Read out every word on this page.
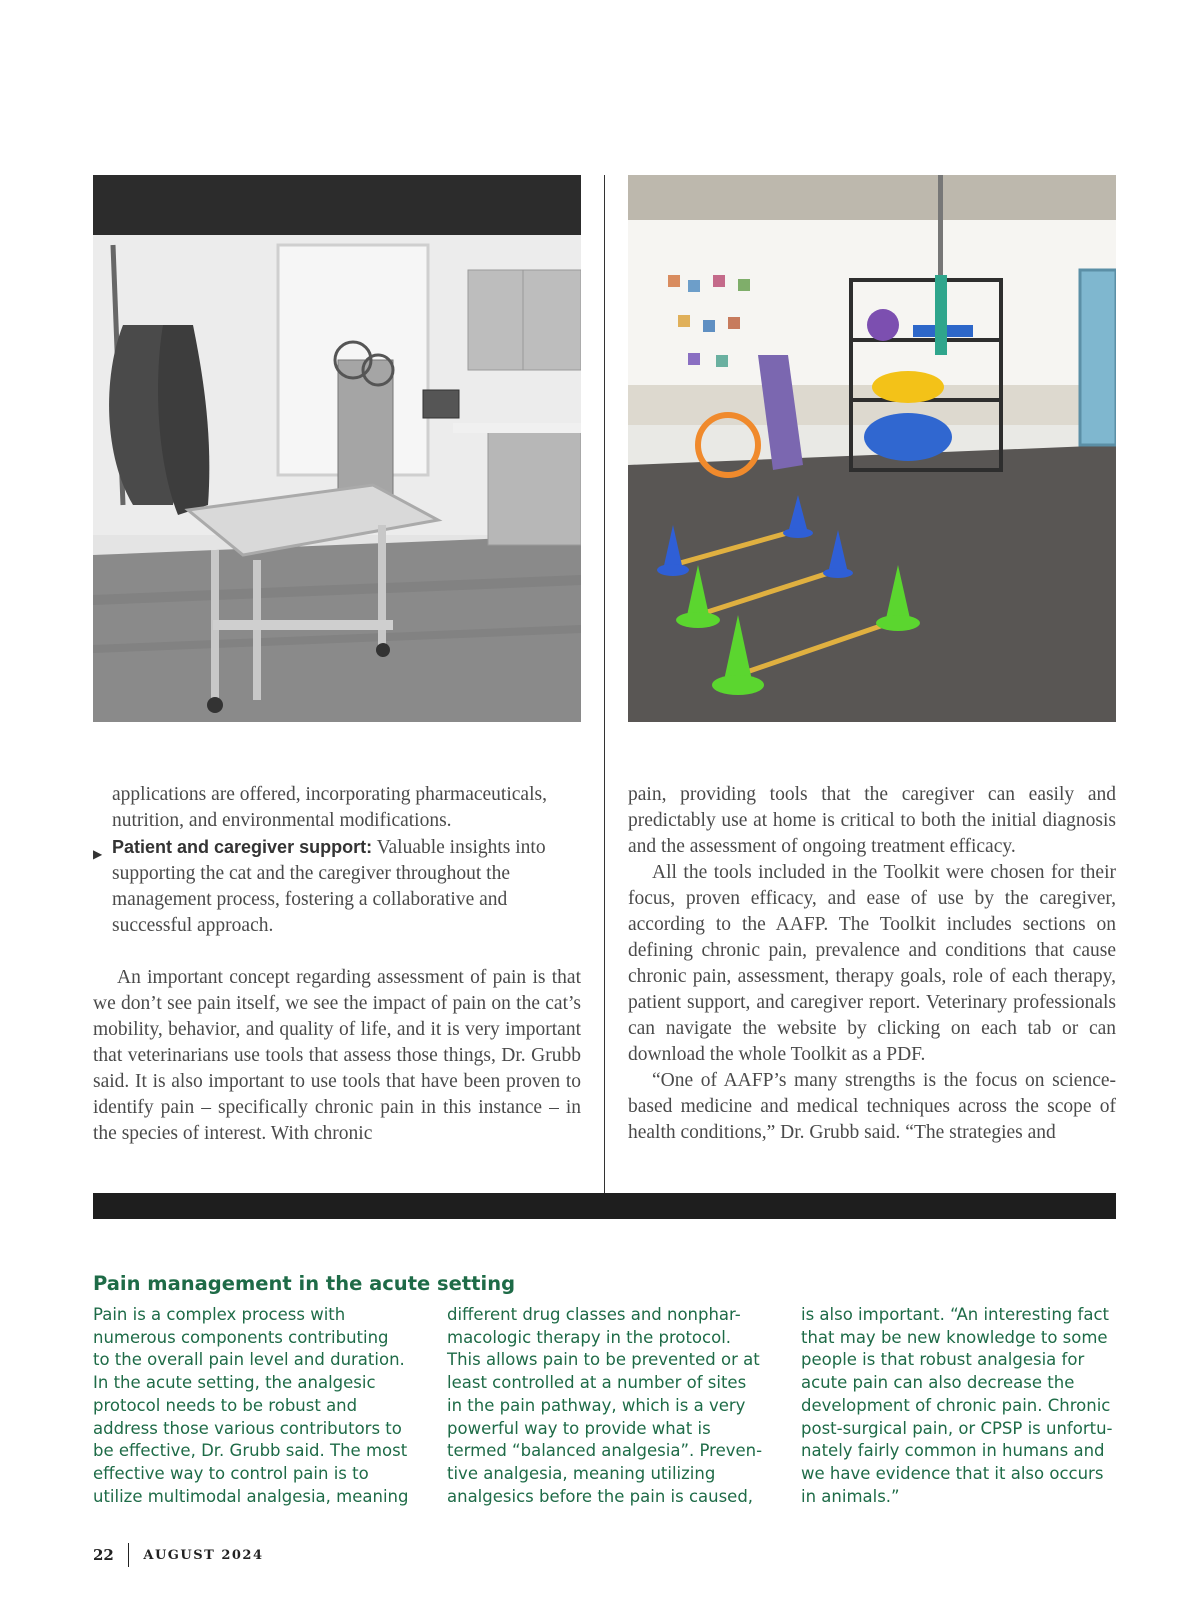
applications are offered, incorporating pharmaceuticals,
nutrition, and environmental modifications.

▶ Patient and caregiver support: Valuable insights into supporting the cat and the caregiver throughout the management process, fostering a collaborative and successful approach.

An important concept regarding assessment of pain is that we don’t see pain itself, we see the impact of pain on the cat’s mobility, behavior, and quality of life, and it is very important that veterinarians use tools that assess those things, Dr. Grubb said. It is also important to use tools that have been proven to identify pain – specifically chronic pain in this instance – in the species of interest. With chronic

pain, providing tools that the caregiver can easily and predictably use at home is critical to both the initial diagnosis and the assessment of ongoing treatment efficacy.

All the tools included in the Toolkit were chosen for their focus, proven efficacy, and ease of use by the caregiver, according to the AAFP. The Toolkit includes sections on defining chronic pain, prevalence and conditions that cause chronic pain, assessment, therapy goals, role of each therapy, patient support, and caregiver report. Veterinary professionals can navigate the website by clicking on each tab or can download the whole Toolkit as a PDF.

“One of AAFP’s many strengths is the focus on science-based medicine and medical techniques across the scope of health conditions,” Dr. Grubb said. “The strategies and

Pain management in the acute setting
Pain is a complex process with
numerous components contributing
to the overall pain level and duration.
In the acute setting, the analgesic
protocol needs to be robust and
address those various contributors to
be effective, Dr. Grubb said. The most
effective way to control pain is to
utilize multimodal analgesia, meaning
different drug classes and nonphar-
macologic therapy in the protocol.
This allows pain to be prevented or at
least controlled at a number of sites
in the pain pathway, which is a very
powerful way to provide what is
termed “balanced analgesia”. Preven-
tive analgesia, meaning utilizing
analgesics before the pain is caused,
is also important. “An interesting fact
that may be new knowledge to some
people is that robust analgesia for
acute pain can also decrease the
development of chronic pain. Chronic
post-surgical pain, or CPSP is unfortu-
nately fairly common in humans and
we have evidence that it also occurs
in animals.”
22 AUGUST 2024
